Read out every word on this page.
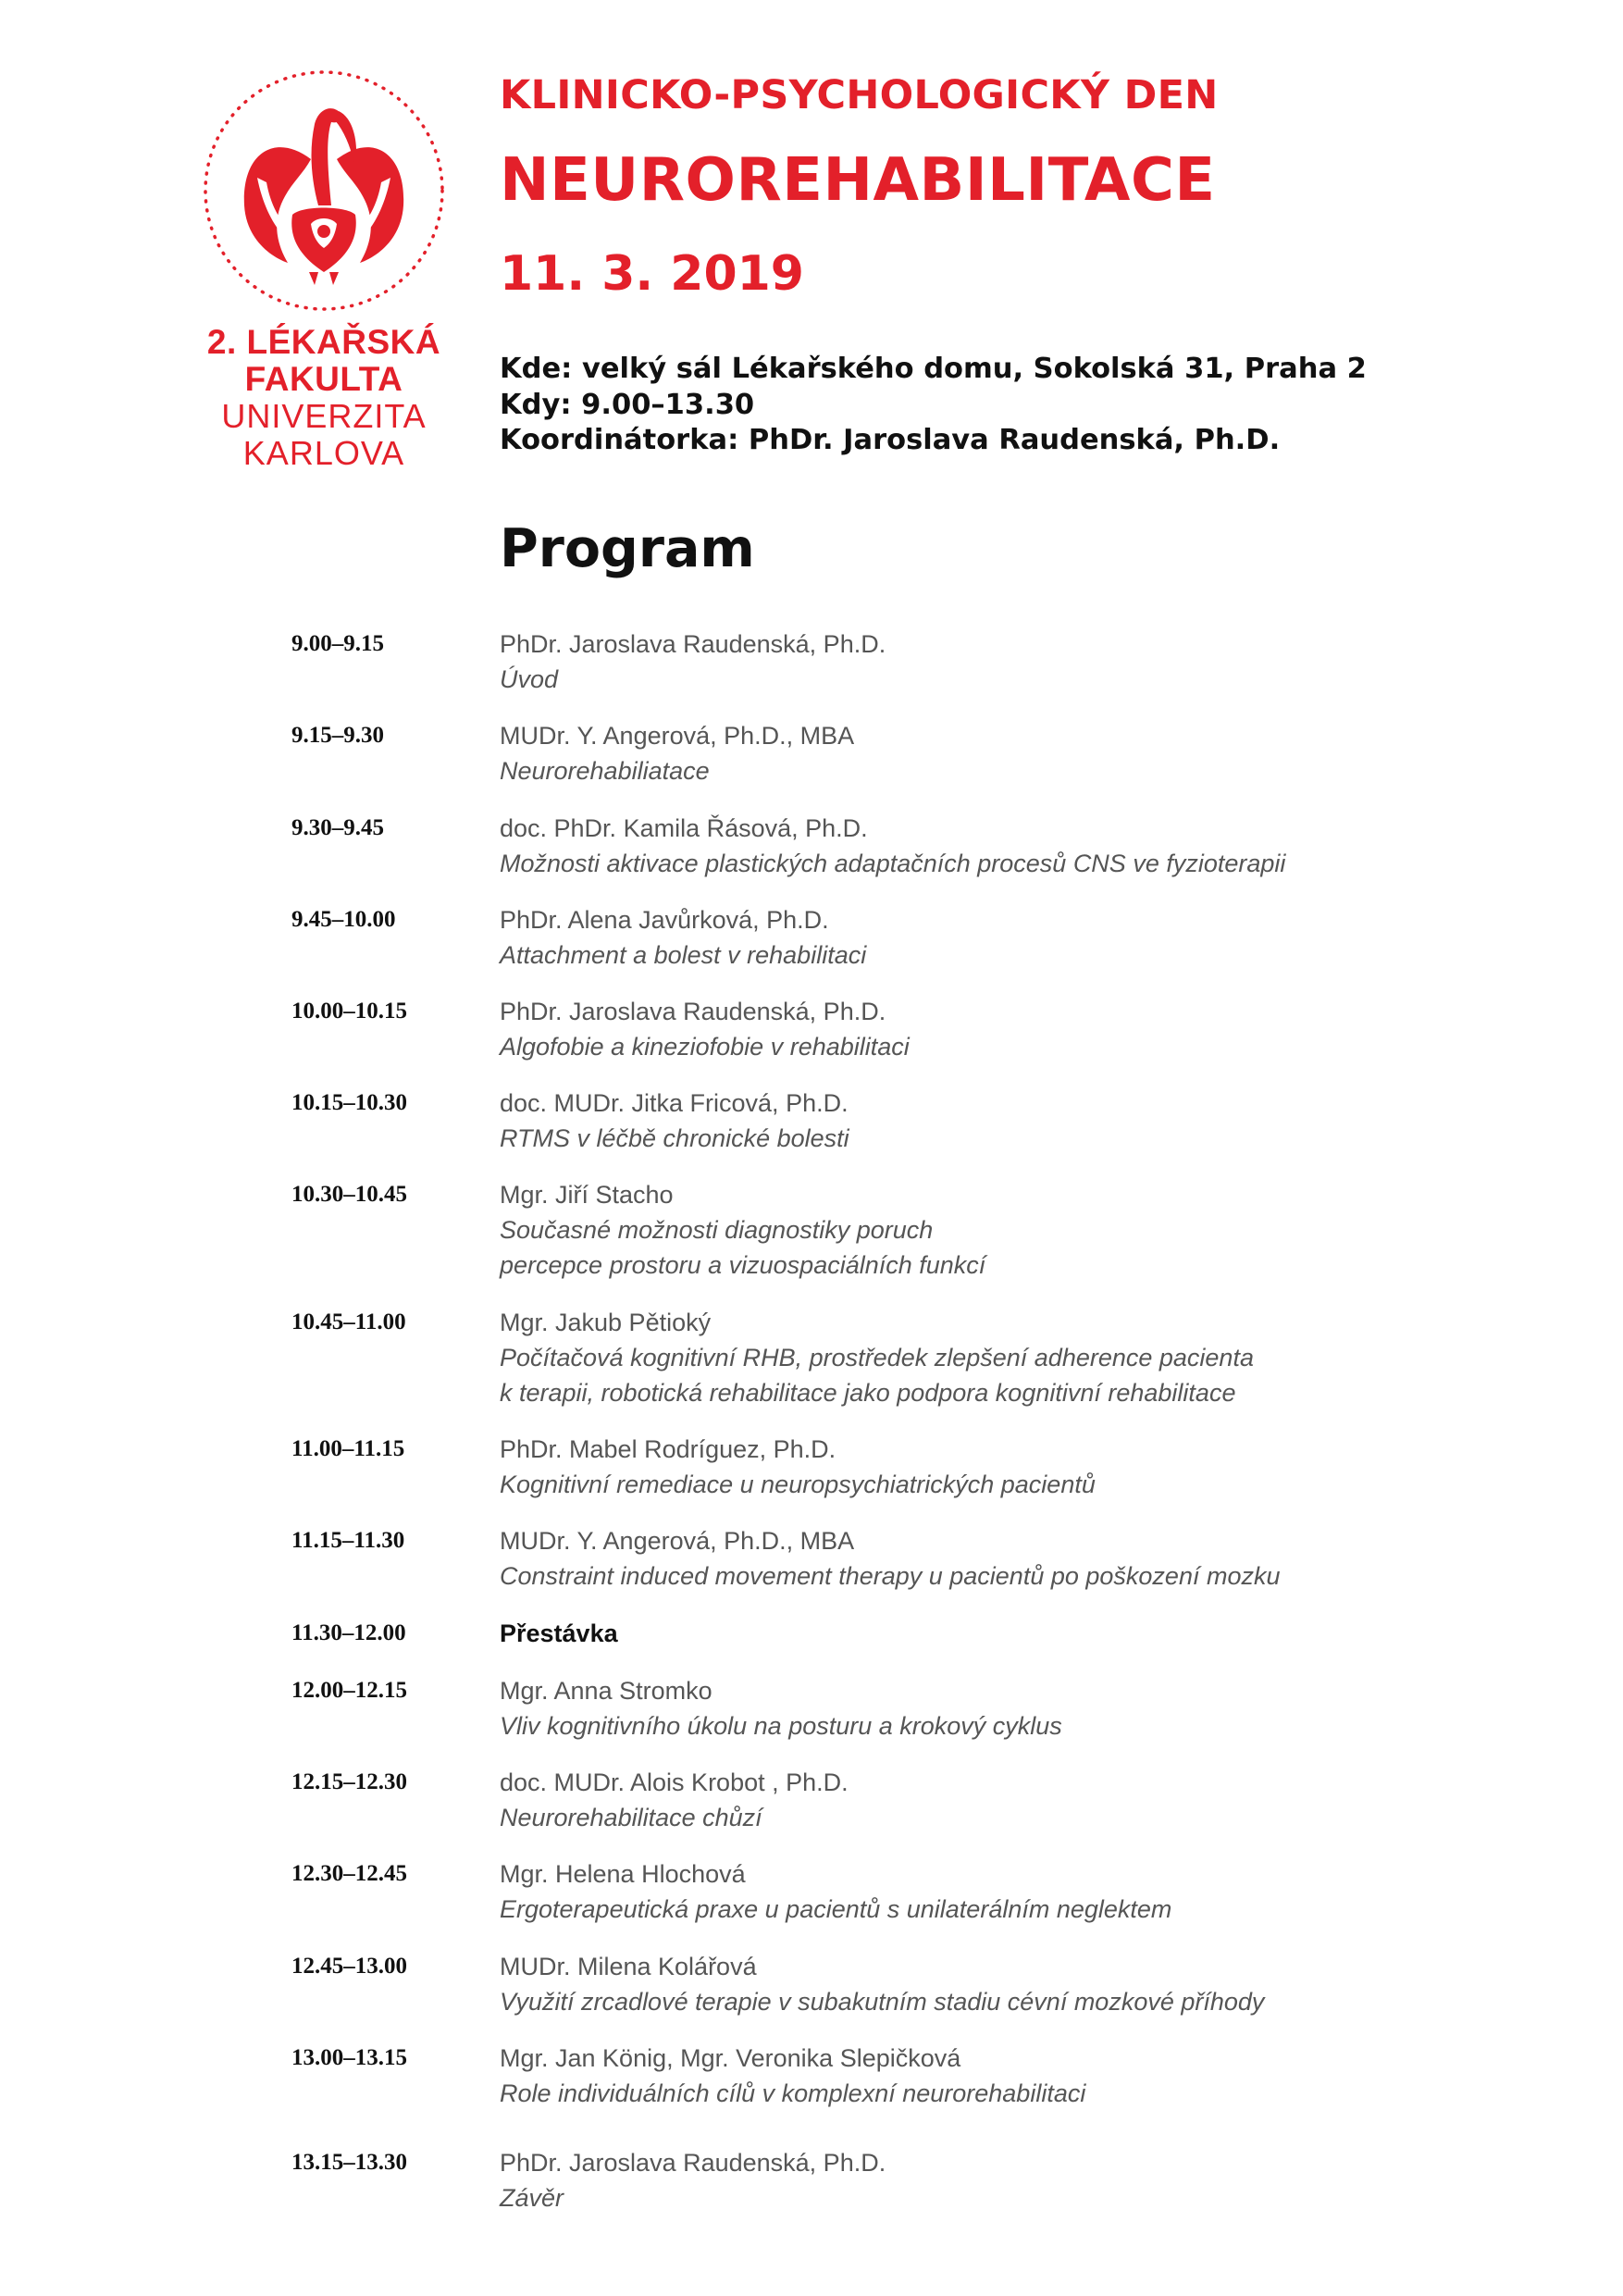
2. LÉKAŘSKÁ
FAKULTA
UNIVERZITA
KARLOVA
KLINICKO-PSYCHOLOGICKÝ DEN
NEUROREHABILITACE
11. 3. 2019
Kde: velký sál Lékařského domu, Sokolská 31, Praha 2
Kdy: 9.00–13.30
Koordinátorka: PhDr. Jaroslava Raudenská, Ph.D.
Program
9.00–9.15	PhDr. Jaroslava Raudenská, Ph.D.
Úvod
9.15–9.30	MUDr. Y. Angerová, Ph.D., MBA
Neurorehabiliatace
9.30–9.45	doc. PhDr. Kamila Řásová, Ph.D.
Možnosti aktivace plastických adaptačních procesů CNS ve fyzioterapii
9.45–10.00	PhDr. Alena Javůrková, Ph.D.
Attachment a bolest v rehabilitaci
10.00–10.15	PhDr. Jaroslava Raudenská, Ph.D.
Algofobie a kineziofobie v rehabilitaci
10.15–10.30	doc. MUDr. Jitka Fricová, Ph.D.
RTMS v léčbě chronické bolesti
10.30–10.45	Mgr. Jiří Stacho
Současné možnosti diagnostiky poruch
percepce prostoru a vizuospaciálních funkcí
10.45–11.00	Mgr. Jakub Pětioký
Počítačová kognitivní RHB, prostředek zlepšení adherence pacienta
k terapii, robotická rehabilitace jako podpora kognitivní rehabilitace
11.00–11.15	PhDr. Mabel Rodríguez, Ph.D.
Kognitivní remediace u neuropsychiatrických pacientů
11.15–11.30	MUDr. Y. Angerová, Ph.D., MBA
Constraint induced movement therapy u pacientů po poškození mozku
11.30–12.00	Přestávka
12.00–12.15	Mgr. Anna Stromko
Vliv kognitivního úkolu na posturu a krokový cyklus
12.15–12.30	doc. MUDr. Alois Krobot , Ph.D.
Neurorehabilitace chůzí
12.30–12.45	Mgr. Helena Hlochová
Ergoterapeutická praxe u pacientů s unilaterálním neglektem
12.45–13.00	MUDr. Milena Kolářová
Využití zrcadlové terapie v subakutním stadiu cévní mozkové příhody
13.00–13.15	Mgr. Jan König, Mgr. Veronika Slepičková
Role individuálních cílů v komplexní neurorehabilitaci
13.15–13.30	PhDr. Jaroslava Raudenská, Ph.D.
Závěr
